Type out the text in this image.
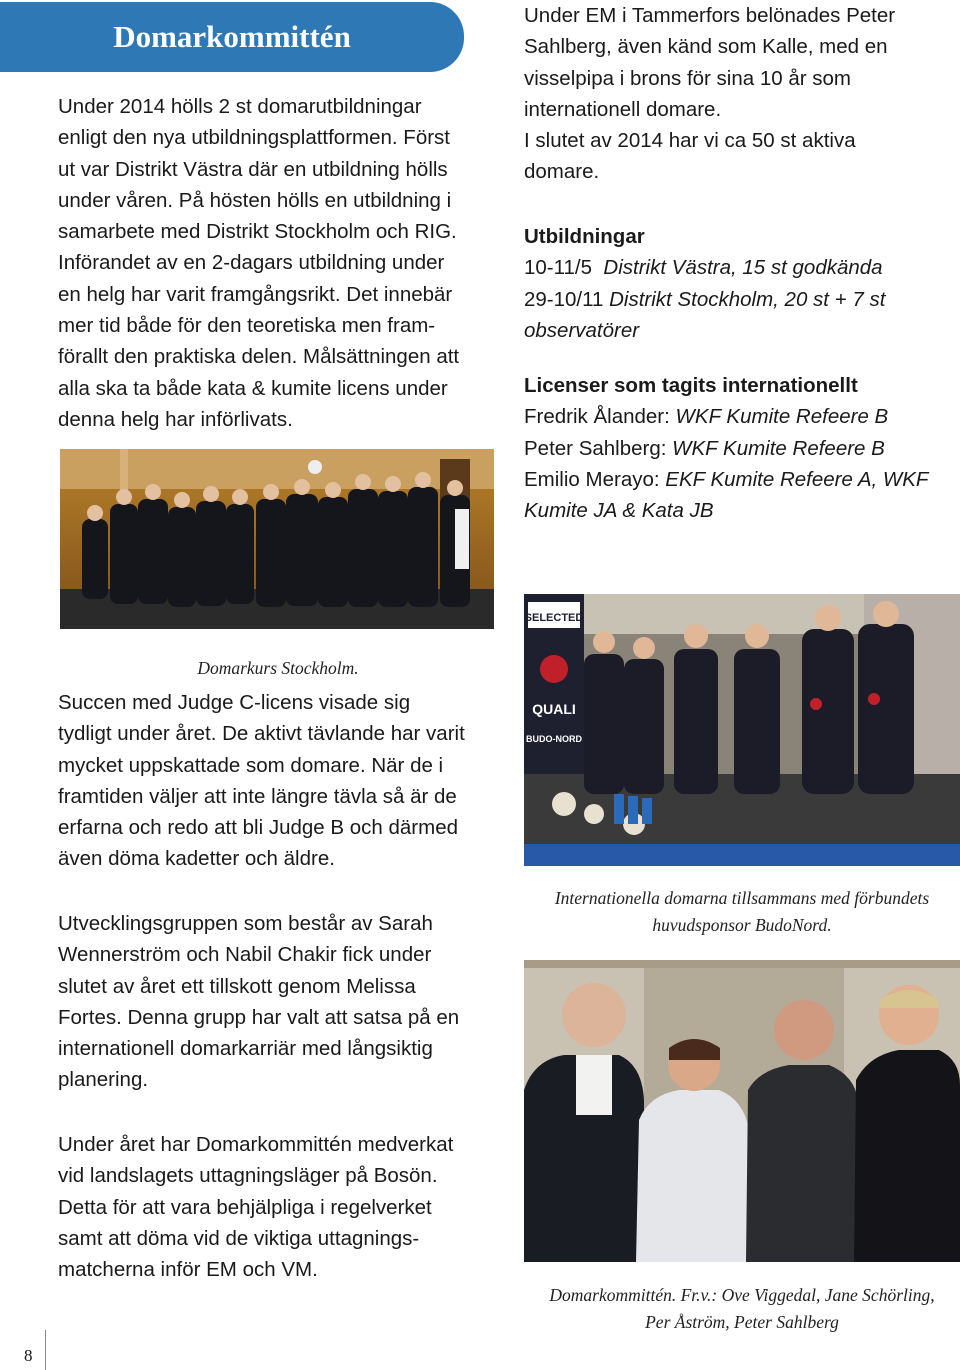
Domarkommittén
Under 2014 hölls 2 st domarutbildningar
enligt den nya utbildningsplattformen. Först
ut var Distrikt Västra där en utbildning hölls
under våren. På hösten hölls en utbildning i
samarbete med Distrikt Stockholm och RIG.
Införandet av en 2-dagars utbildning under
en helg har varit framgångsrikt. Det innebär
mer tid både för den teoretiska men fram-
förallt den praktiska delen. Målsättningen att
alla ska ta både kata & kumite licens under
denna helg har införlivats.
Domarkurs Stockholm.
Succen med Judge C-licens visade sig
tydligt under året. De aktivt tävlande har varit
mycket uppskattade som domare. När de i
framtiden väljer att inte längre tävla så är de
erfarna och redo att bli Judge B och därmed
även döma kadetter och äldre.
Utvecklingsgruppen som består av Sarah
Wennerström och Nabil Chakir fick under
slutet av året ett tillskott genom Melissa
Fortes. Denna grupp har valt att satsa på en
internationell domarkarriär med långsiktig
planering.
Under året har Domarkommittén medverkat
vid landslagets uttagningsläger på Bosön.
Detta för att vara behjälpliga i regelverket
samt att döma vid de viktiga uttagnings-
matcherna inför EM och VM.
Under EM i Tammerfors belönades Peter
Sahlberg, även känd som Kalle, med en
visselpipa i brons för sina 10 år som
internationell domare.
I slutet av 2014 har vi ca 50 st aktiva
domare.
Utbildningar
10-11/5 Distrikt Västra, 15 st godkända
29-10/11 Distrikt Stockholm, 20 st + 7 st
observatörer
Licenser som tagits internationellt
Fredrik Ålander: WKF Kumite Refeere B
Peter Sahlberg: WKF Kumite Refeere B
Emilio Merayo: EKF Kumite Refeere A, WKF
Kumite JA & Kata JB
SELECTED
QUALI
BUDO-NORD
Internationella domarna tillsammans med förbundets
huvudsponsor BudoNord.
Domarkommittén. Fr.v.: Ove Viggedal, Jane Schörling,
Per Åström, Peter Sahlberg
8
